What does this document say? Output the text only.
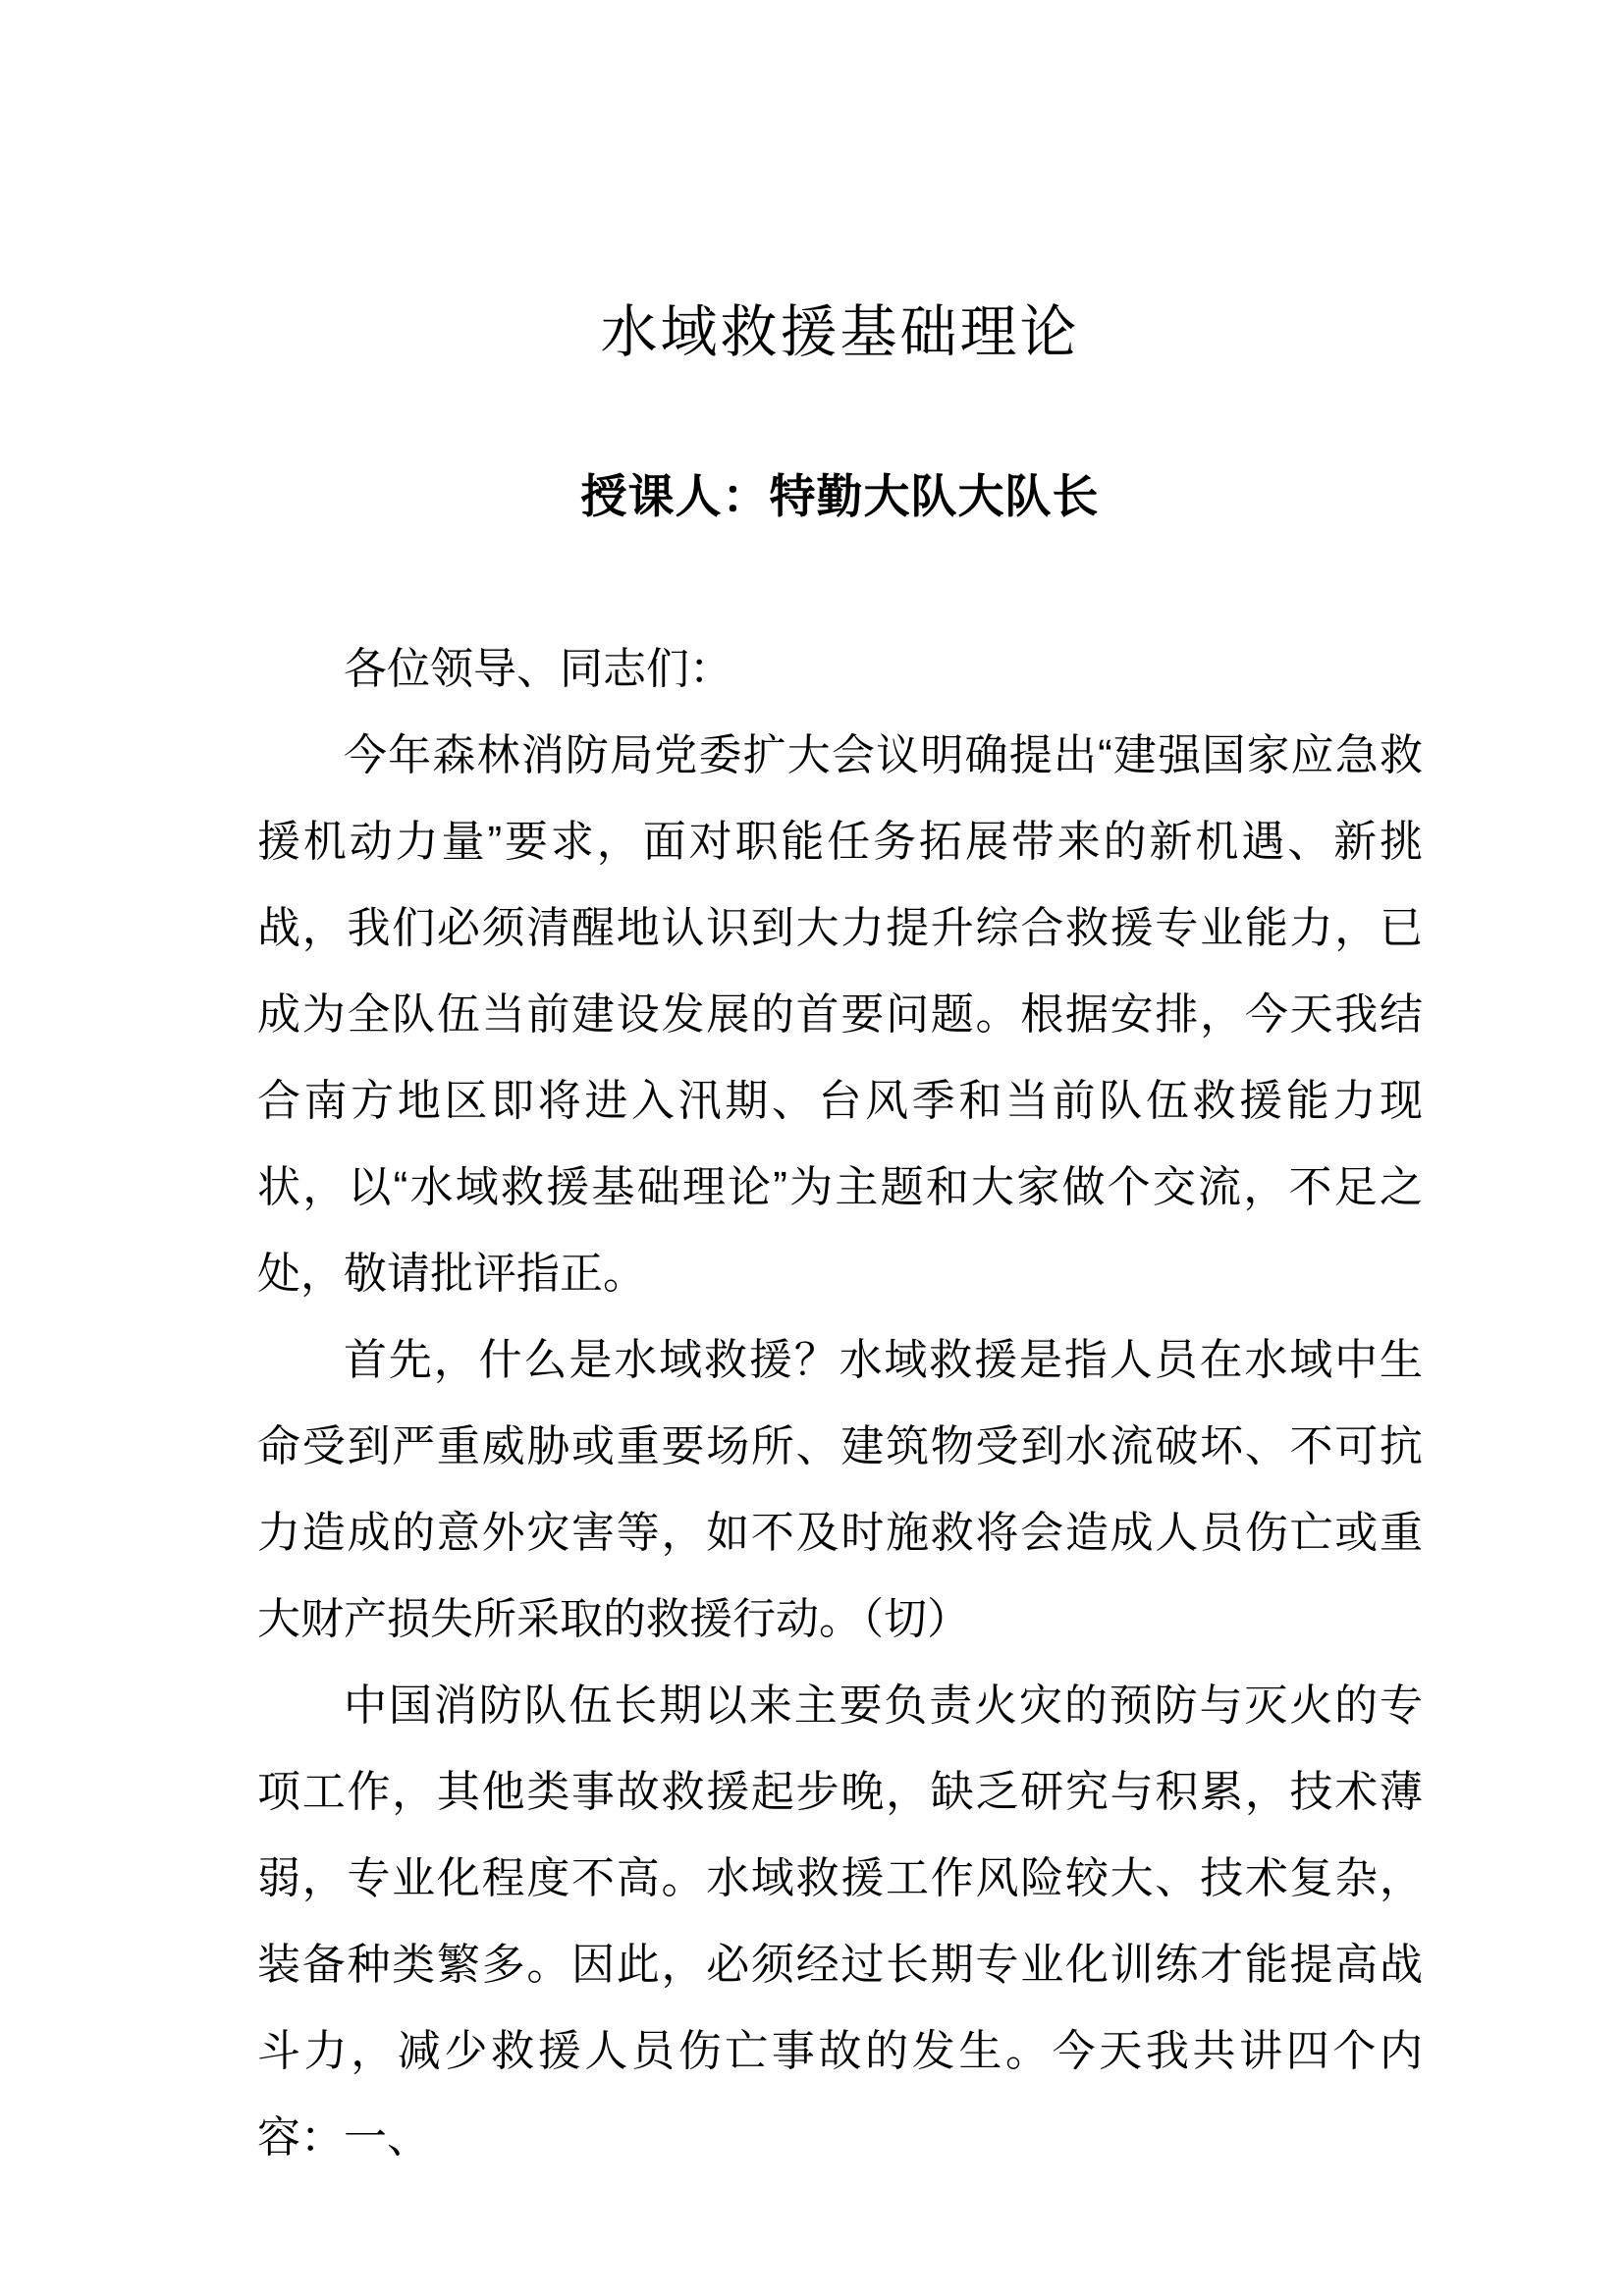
水域救援基础理论
授课人：特勤大队大队长

各位领导、同志们：

今年森林消防局党委扩大会议明确提出“建强国家应急救援机动力量”要求，面对职能任务拓展带来的新机遇、新挑战，我们必须清醒地认识到大力提升综合救援专业能力，已成为全队伍当前建设发展的首要问题。根据安排，今天我结合南方地区即将进入汛期、台风季和当前队伍救援能力现状，以“水域救援基础理论”为主题和大家做个交流，不足之处，敬请批评指正。

首先，什么是水域救援？水域救援是指人员在水域中生命受到严重威胁或重要场所、建筑物受到水流破坏、不可抗力造成的意外灾害等，如不及时施救将会造成人员伤亡或重大财产损失所采取的救援行动。（切）

中国消防队伍长期以来主要负责火灾的预防与灭火的专项工作，其他类事故救援起步晚，缺乏研究与积累，技术薄弱，专业化程度不高。水域救援工作风险较大、技术复杂，装备种类繁多。因此，必须经过长期专业化训练才能提高战斗力，减少救援人员伤亡事故的发生。今天我共讲四个内容：一、
